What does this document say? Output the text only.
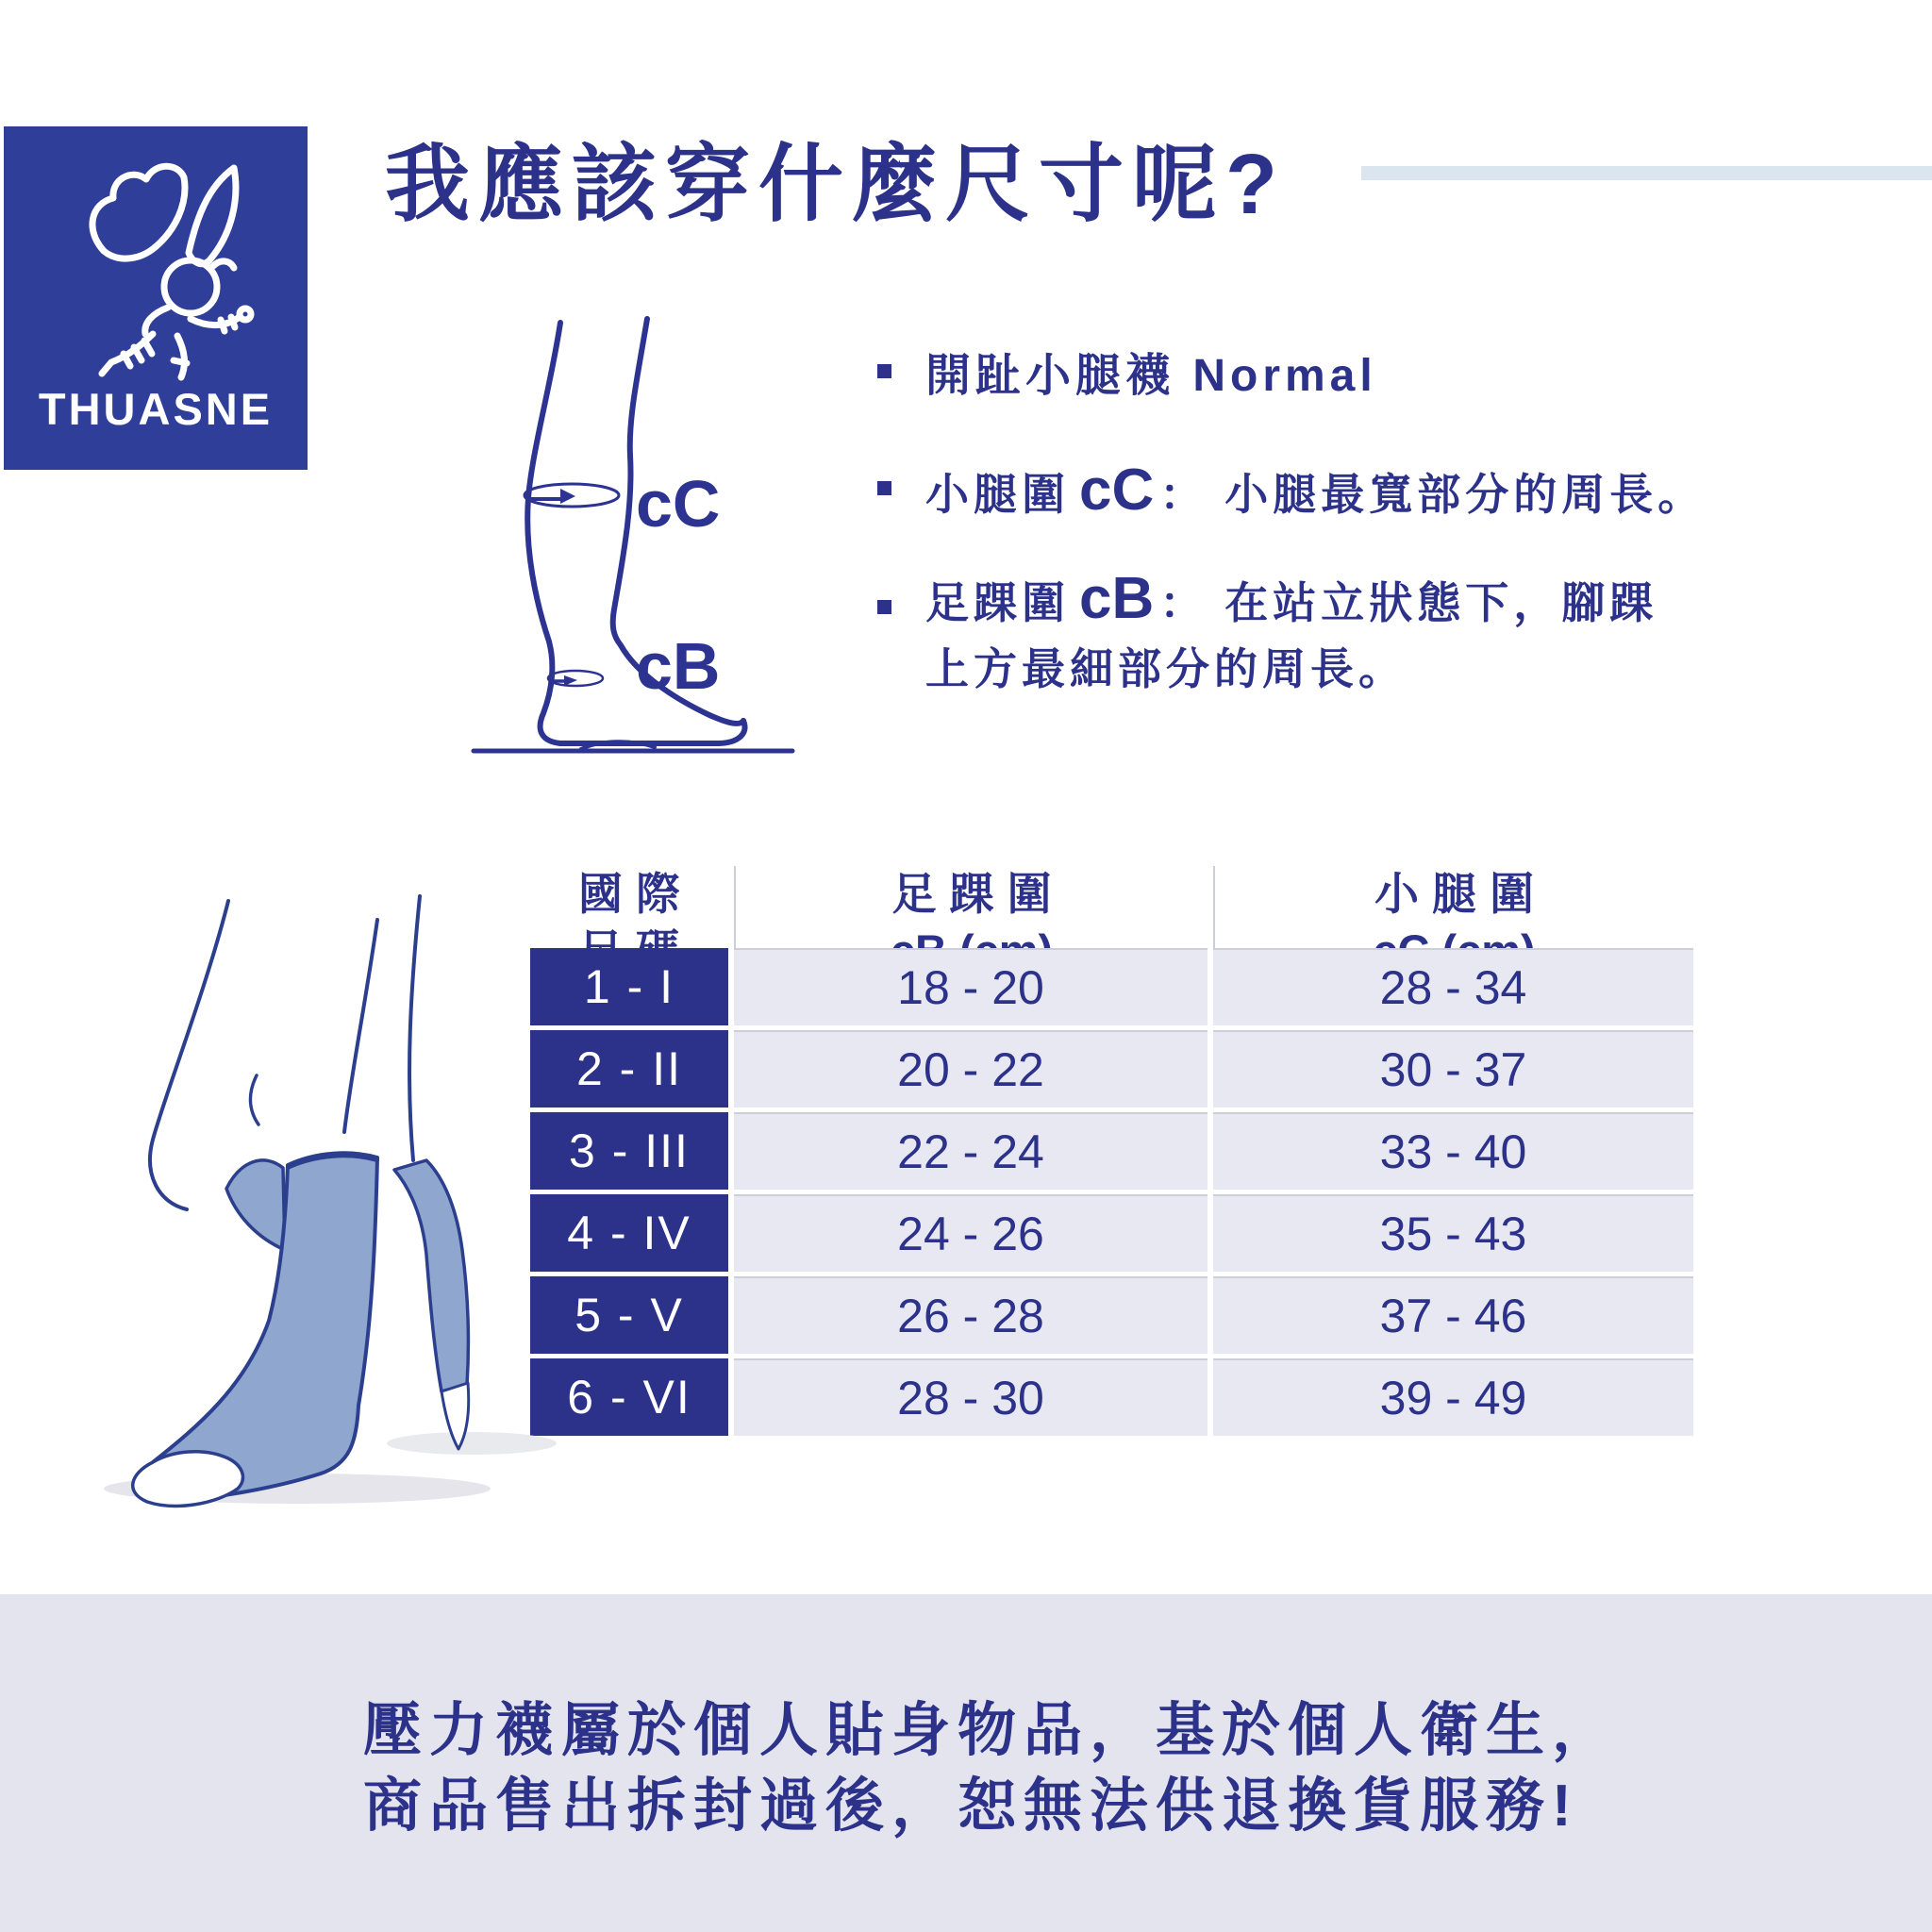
THUASNE
我應該穿什麼尺寸呢?
cC
cB
開趾小腿襪 Normal
小腿圍 cC ： 小腿最寬部分的周長。
足踝圍 cB ： 在站立狀態下，腳踝
上方最細部分的周長。
國際	足踝圍	小腿圍
1 - I	18 - 20	28 - 34
2 - II	20 - 22	30 - 37
3 - III	22 - 24	33 - 40
4 - IV	24 - 26	35 - 43
5 - V	26 - 28	37 - 46
6 - VI	28 - 30	39 - 49
壓力襪屬於個人貼身物品，基於個人衛生，
商品售出拆封過後，恕無法供退換貨服務!
